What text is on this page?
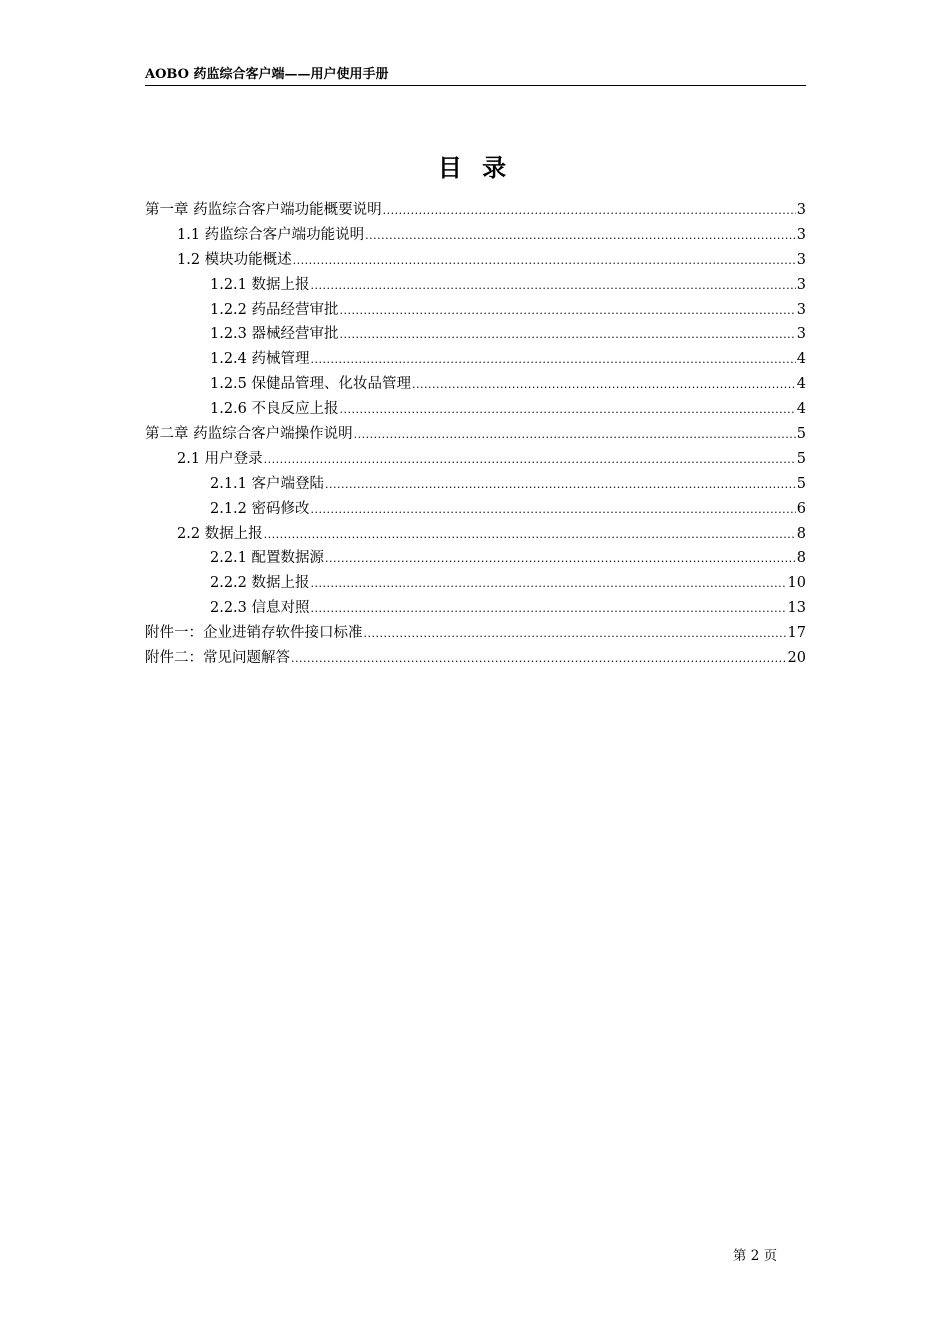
AOBO 药监综合客户端——用户使用手册
目 录
第一章 药监综合客户端功能概要说明 .....	3
1.1 药监综合客户端功能说明 .....	3
1.2 模块功能概述 .....	3
1.2.1 数据上报 .....	3
1.2.2 药品经营审批 .....	3
1.2.3 器械经营审批 .....	3
1.2.4 药械管理 .....	4
1.2.5 保健品管理、化妆品管理 .....	4
1.2.6 不良反应上报 .....	4
第二章 药监综合客户端操作说明 .....	5
2.1 用户登录 .....	5
2.1.1 客户端登陆 .....	5
2.1.2 密码修改 .....	6
2.2 数据上报 .....	8
2.2.1 配置数据源 .....	8
2.2.2 数据上报 .....	10
2.2.3 信息对照 .....	13
附件一：企业进销存软件接口标准 .....	17
附件二：常见问题解答 .....	20
第 2 页
